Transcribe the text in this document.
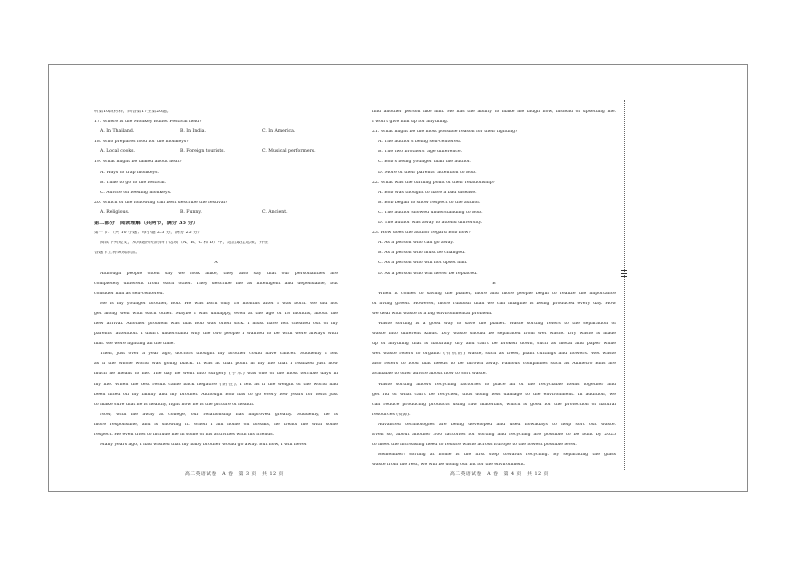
听第10段材料，回答第17至第20题。
17. Where is the Monkey Buffet Festival held?
A. In Thailand.	B. In India.	C. In America.
18. Who prepares food for the monkeys?
A. Local cooks.	B. Foreign tourists.	C. Musical performers.
19. What might be talked about next?
A. Ways to trap monkeys.
B. Time to go to the festival.
C. Advice on feeding monkeys.
20. Which of the following can best describe the festival?
A. Religious.	B. Funny.	C. Ancient.
第二部分　阅读理解（共两节，满分 35 分）
第一节：（共 10 小题；每小题 2.5 分，满分 25 分）
阅读下列短文，从每题所给的四个选项（A、B、C 和 D）中，选出最佳选项，并在
答题卡上将该项涂黑。
A
Although people often say we look alike, they also say that our personalities are
completely different from each other. They describe me as intelligent and dependable, but
consider him as self-centered.
He is my younger brother, Bob. He was born only 18 months after I was born. We did not
get along well with each other. Maybe I was unhappy, even at the age of 18 months, about the
new arrival. Another problem was that Bob was often sick. I must have felt cheated out of my
parents' attention. I didn't understand why the two people I wanted to be with were always with
him. We were fighting all the time.
Then, just over a year ago, doctors thought my brother could have cancer. Suddenly I felt
as if the whole world was going black. It was at that point in my life that I realized just how
much he meant to me. The day he went into surgery (手术) was one of the most terrible days in
my life. When the test result came back negative (阴性), I felt as if the weight of the world had
been lifted off my family and my brother. Although Bob has to go every few years for tests just
to make sure that he is healthy, right now he is the picture of health.
Now, with me away at college, our relationship has improved greatly. Suddenly, he is
more responsible, and is showing it. When I am home on breaks, he treats me with some
respect. He even tries to include me in some of his activities with his friends.
Many years ago, I had wished that my baby brother would go away. But now, I will never
find another person like him. He has the ability to make me laugh now, instead of upsetting me.
I won't give him up for anything.
21. What might be the most possible reason for their fighting?
A. The author's being self-centered.
B. The two brothers' age difference.
C. Bob's being younger than the author.
D. More of their parents' attention to Bob.
22. What was the turning point of their relationship?
A. Bob was thought to have a bad disease.
B. Bob began to show respect to the author.
C. The author showed understanding to Bob.
D. The author was away to attend university.
23. How does the author regard Bob now?
A. As a person who can go away.
B. As a person who must be changed.
C. As a person who will not upset him.
D. As a person who will never be replaced.
B
When it comes to saving the planet, more and more people begin to realize the importance
of living green. However, more rubbish than we can imagine is being produced every day. How
we deal with waste is a big environmental problem.
Waste sorting is a good way to save the planet. Waste sorting refers to the separation of
waste into different kinds. Dry waste should be separated from wet waste. Dry waste is made
up of anything that is naturally dry and can't be broken down, such as metal and paper while
wet waste refers to organic (有机的) waste, such as trees, plant cuttings and flowers. Wet waste
also refers to food that needs to be thrown away. Famous companies such as Allmetro Bins are
available to offer advice about how to sort waste.
Waste sorting allows recycling factories to place all of the recyclable items together and
get rid of what can't be recycled, thus doing less damage to the environment. In addition, we
can reduce producing products using raw materials, which is good for the protection of natural
resources (资源).
Advanced technologies are being developed and used nowadays to help sort out waste.
Even so, about another 300 factories for sorting and recycling are possible to be built by 2025
to meet the increasing need to reduce waste across Europe to the lowest possible level.
Remember: sorting at home is the first step towards recycling. By separating the glass
waste from the rest, we will be doing our bit for the environment.
高二英语试卷　A 卷　第 3 页　共 12 页	高二英语试卷　A 卷　第 4 页　共 12 页
